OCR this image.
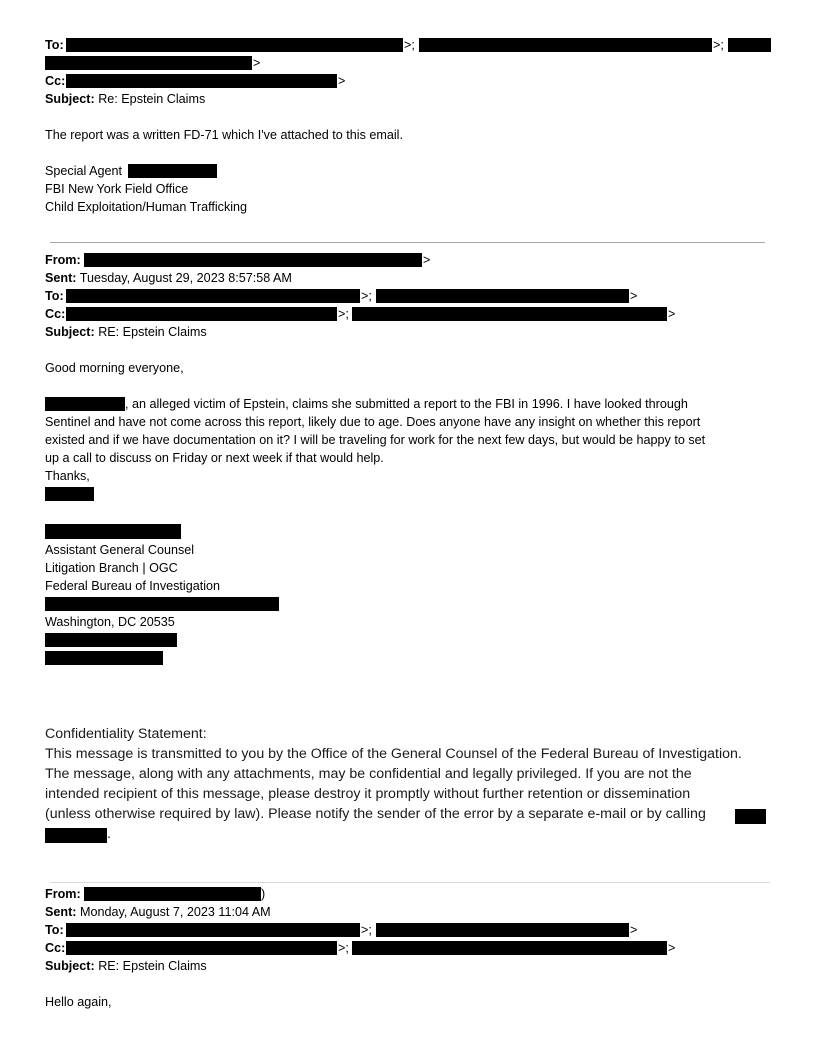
To:	>;	>;
>
Cc:	>
Subject: Re: Epstein Claims
The report was a written FD-71 which I've attached to this email.
Special Agent
FBI New York Field Office
Child Exploitation/Human Trafficking
From:	>
Sent: Tuesday, August 29, 2023 8:57:58 AM
To:	>;	>
Cc:	>;	>
Subject: RE: Epstein Claims
Good morning everyone,
, an alleged victim of Epstein, claims she submitted a report to the FBI in 1996. I have looked through
Sentinel and have not come across this report, likely due to age. Does anyone have any insight on whether this report
existed and if we have documentation on it? I will be traveling for work for the next few days, but would be happy to set
up a call to discuss on Friday or next week if that would help.
Thanks,
Assistant General Counsel
Litigation Branch | OGC
Federal Bureau of Investigation
Washington, DC 20535
Confidentiality Statement:
This message is transmitted to you by the Office of the General Counsel of the Federal Bureau of Investigation.
The message, along with any attachments, may be confidential and legally privileged. If you are not the
intended recipient of this message, please destroy it promptly without further retention or dissemination
(unless otherwise required by law). Please notify the sender of the error by a separate e-mail or by calling
.
From:	)
Sent: Monday, August 7, 2023 11:04 AM
To:	>;	>
Cc:	>;	>
Subject: RE: Epstein Claims
Hello again,
